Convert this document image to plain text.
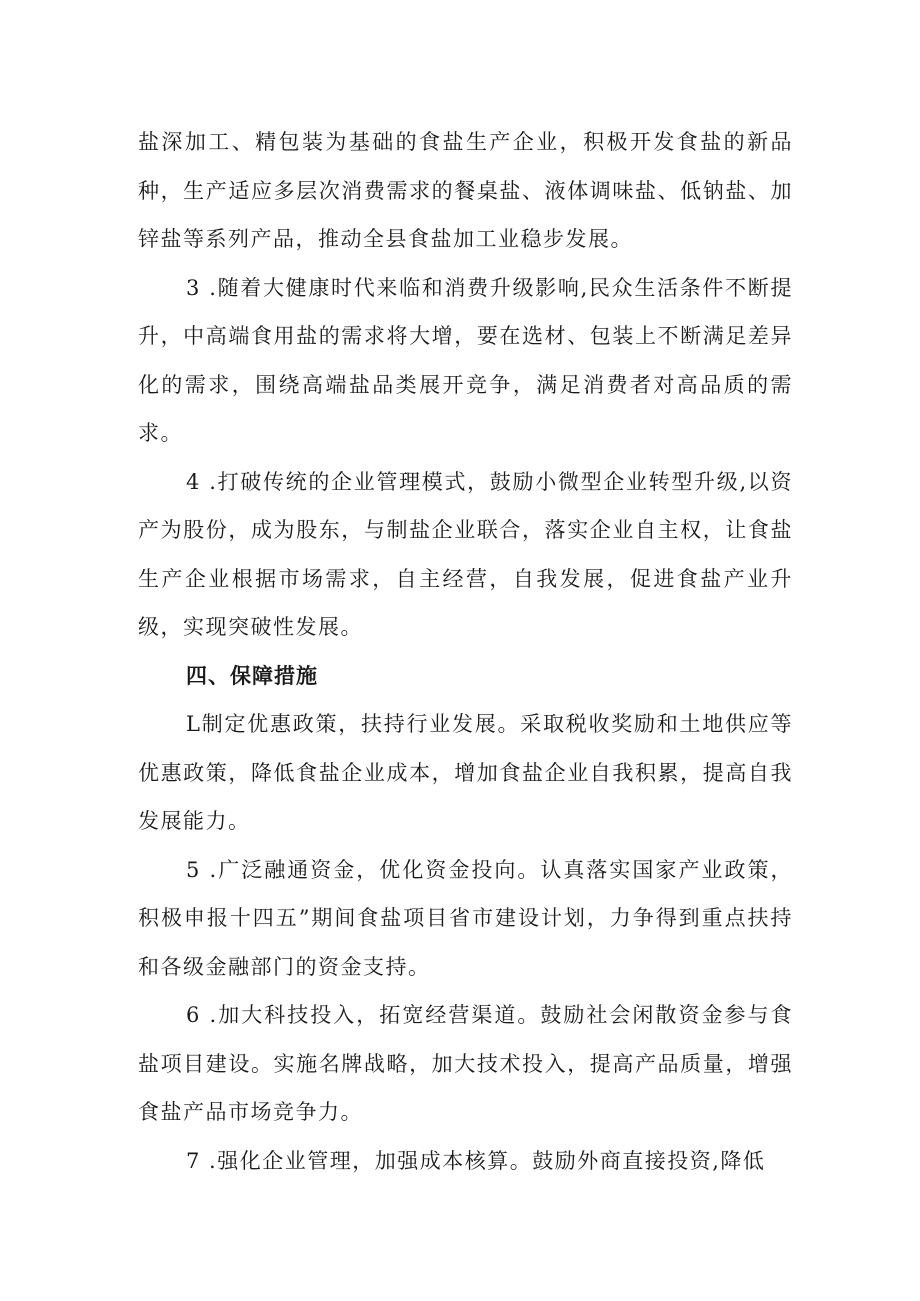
盐深加工、精包装为基础的食盐生产企业，积极开发食盐的新品种，生产适应多层次消费需求的餐桌盐、液体调味盐、低钠盐、加锌盐等系列产品，推动全县食盐加工业稳步发展。

3 .随着大健康时代来临和消费升级影响,民众生活条件不断提升，中高端食用盐的需求将大增，要在选材、包装上不断满足差异化的需求，围绕高端盐品类展开竞争，满足消费者对高品质的需求。

4 .打破传统的企业管理模式，鼓励小微型企业转型升级,以资产为股份，成为股东，与制盐企业联合，落实企业自主权，让食盐生产企业根据市场需求，自主经营，自我发展，促进食盐产业升级，实现突破性发展。

四、保障措施

L制定优惠政策，扶持行业发展。采取税收奖励和土地供应等优惠政策，降低食盐企业成本，增加食盐企业自我积累，提高自我发展能力。

5 .广泛融通资金，优化资金投向。认真落实国家产业政策，积极申报十四五”期间食盐项目省市建设计划，力争得到重点扶持和各级金融部门的资金支持。

6 .加大科技投入，拓宽经营渠道。鼓励社会闲散资金参与食盐项目建设。实施名牌战略，加大技术投入，提高产品质量，增强食盐产品市场竞争力。

7 .强化企业管理，加强成本核算。鼓励外商直接投资,降低
